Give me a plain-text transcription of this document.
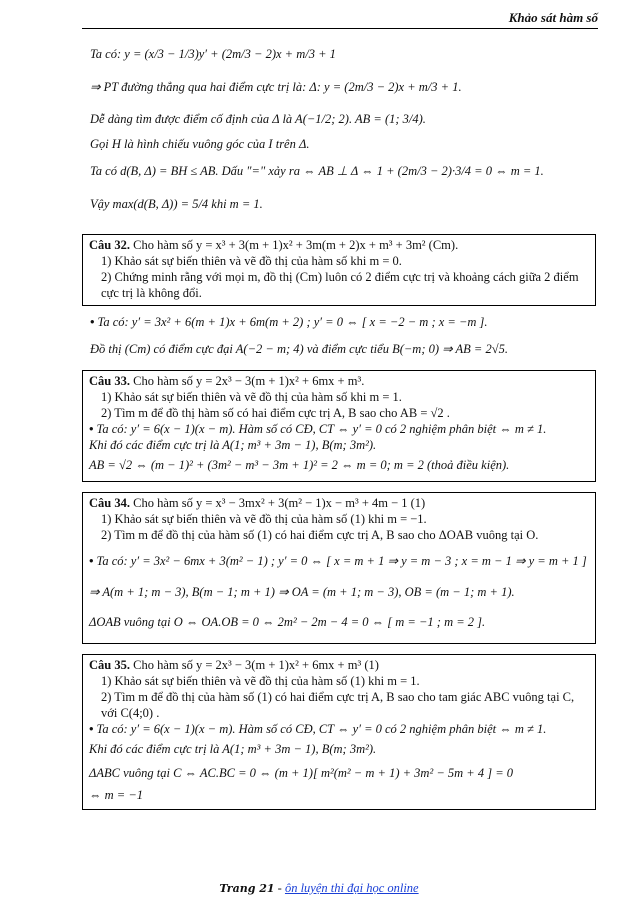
Khảo sát hàm số
Ta có: y = (x/3 − 1/3)y′ + (2m/3 − 2)x + m/3 + 1
⇒ PT đường thẳng qua hai điểm cực trị là: Δ: y = (2m/3 − 2)x + m/3 + 1.
Dễ dàng tìm được điểm cố định của Δ là A(−1/2; 2). AB = (1; 3/4).
Gọi H là hình chiếu vuông góc của I trên Δ.
Ta có d(B, Δ) = BH ≤ AB. Dấu "=" xảy ra ⇔ AB ⊥ Δ ⇔ 1 + (2m/3 − 2)·3/4 = 0 ⇔ m = 1.
Vậy max(d(B, Δ)) = 5/4 khi m = 1.
Câu 32. Cho hàm số y = x³ + 3(m + 1)x² + 3m(m + 2)x + m³ + 3m² (Cm).
1) Khảo sát sự biến thiên và vẽ đồ thị của hàm số khi m = 0.
2) Chứng minh rằng với mọi m, đồ thị (Cm) luôn có 2 điểm cực trị và khoảng cách giữa 2 điểm cực trị là không đổi.
• Ta có: y′ = 3x² + 6(m + 1)x + 6m(m + 2) ; y′ = 0 ⇔ [ x = −2 − m ; x = −m ].
Đồ thị (Cm) có điểm cực đại A(−2 − m; 4) và điểm cực tiểu B(−m; 0) ⇒ AB = 2√5.
Câu 33. Cho hàm số y = 2x³ − 3(m + 1)x² + 6mx + m³.
1) Khảo sát sự biến thiên và vẽ đồ thị của hàm số khi m = 1.
2) Tìm m để đồ thị hàm số có hai điểm cực trị A, B sao cho AB = √2 .
• Ta có: y′ = 6(x − 1)(x − m). Hàm số có CĐ, CT ⇔ y′ = 0 có 2 nghiệm phân biệt ⇔ m ≠ 1.
Khi đó các điểm cực trị là A(1; m³ + 3m − 1), B(m; 3m²).
AB = √2 ⇔ (m − 1)² + (3m² − m³ − 3m + 1)² = 2 ⇔ m = 0; m = 2 (thoả điều kiện).
Câu 34. Cho hàm số y = x³ − 3mx² + 3(m² − 1)x − m³ + 4m − 1 (1)
1) Khảo sát sự biến thiên và vẽ đồ thị của hàm số (1) khi m = −1.
2) Tìm m để đồ thị của hàm số (1) có hai điểm cực trị A, B sao cho ΔOAB vuông tại O.
• Ta có: y′ = 3x² − 6mx + 3(m² − 1) ; y′ = 0 ⇔ [ x = m + 1 ⇒ y = m − 3 ; x = m − 1 ⇒ y = m + 1 ]
⇒ A(m + 1; m − 3), B(m − 1; m + 1) ⇒ OA = (m + 1; m − 3), OB = (m − 1; m + 1).
ΔOAB vuông tại O ⇔ OA.OB = 0 ⇔ 2m² − 2m − 4 = 0 ⇔ [ m = −1 ; m = 2 ].
Câu 35. Cho hàm số y = 2x³ − 3(m + 1)x² + 6mx + m³ (1)
1) Khảo sát sự biến thiên và vẽ đồ thị của hàm số (1) khi m = 1.
2) Tìm m để đồ thị của hàm số (1) có hai điểm cực trị A, B sao cho tam giác ABC vuông tại C, với C(4;0) .
• Ta có: y′ = 6(x − 1)(x − m). Hàm số có CĐ, CT ⇔ y′ = 0 có 2 nghiệm phân biệt ⇔ m ≠ 1.
Khi đó các điểm cực trị là A(1; m³ + 3m − 1), B(m; 3m²).
ΔABC vuông tại C ⇔ AC.BC = 0 ⇔ (m + 1)[ m²(m² − m + 1) + 3m² − 5m + 4 ] = 0
⇔ m = −1
Trang 21 - ôn luyện thi đại học online
